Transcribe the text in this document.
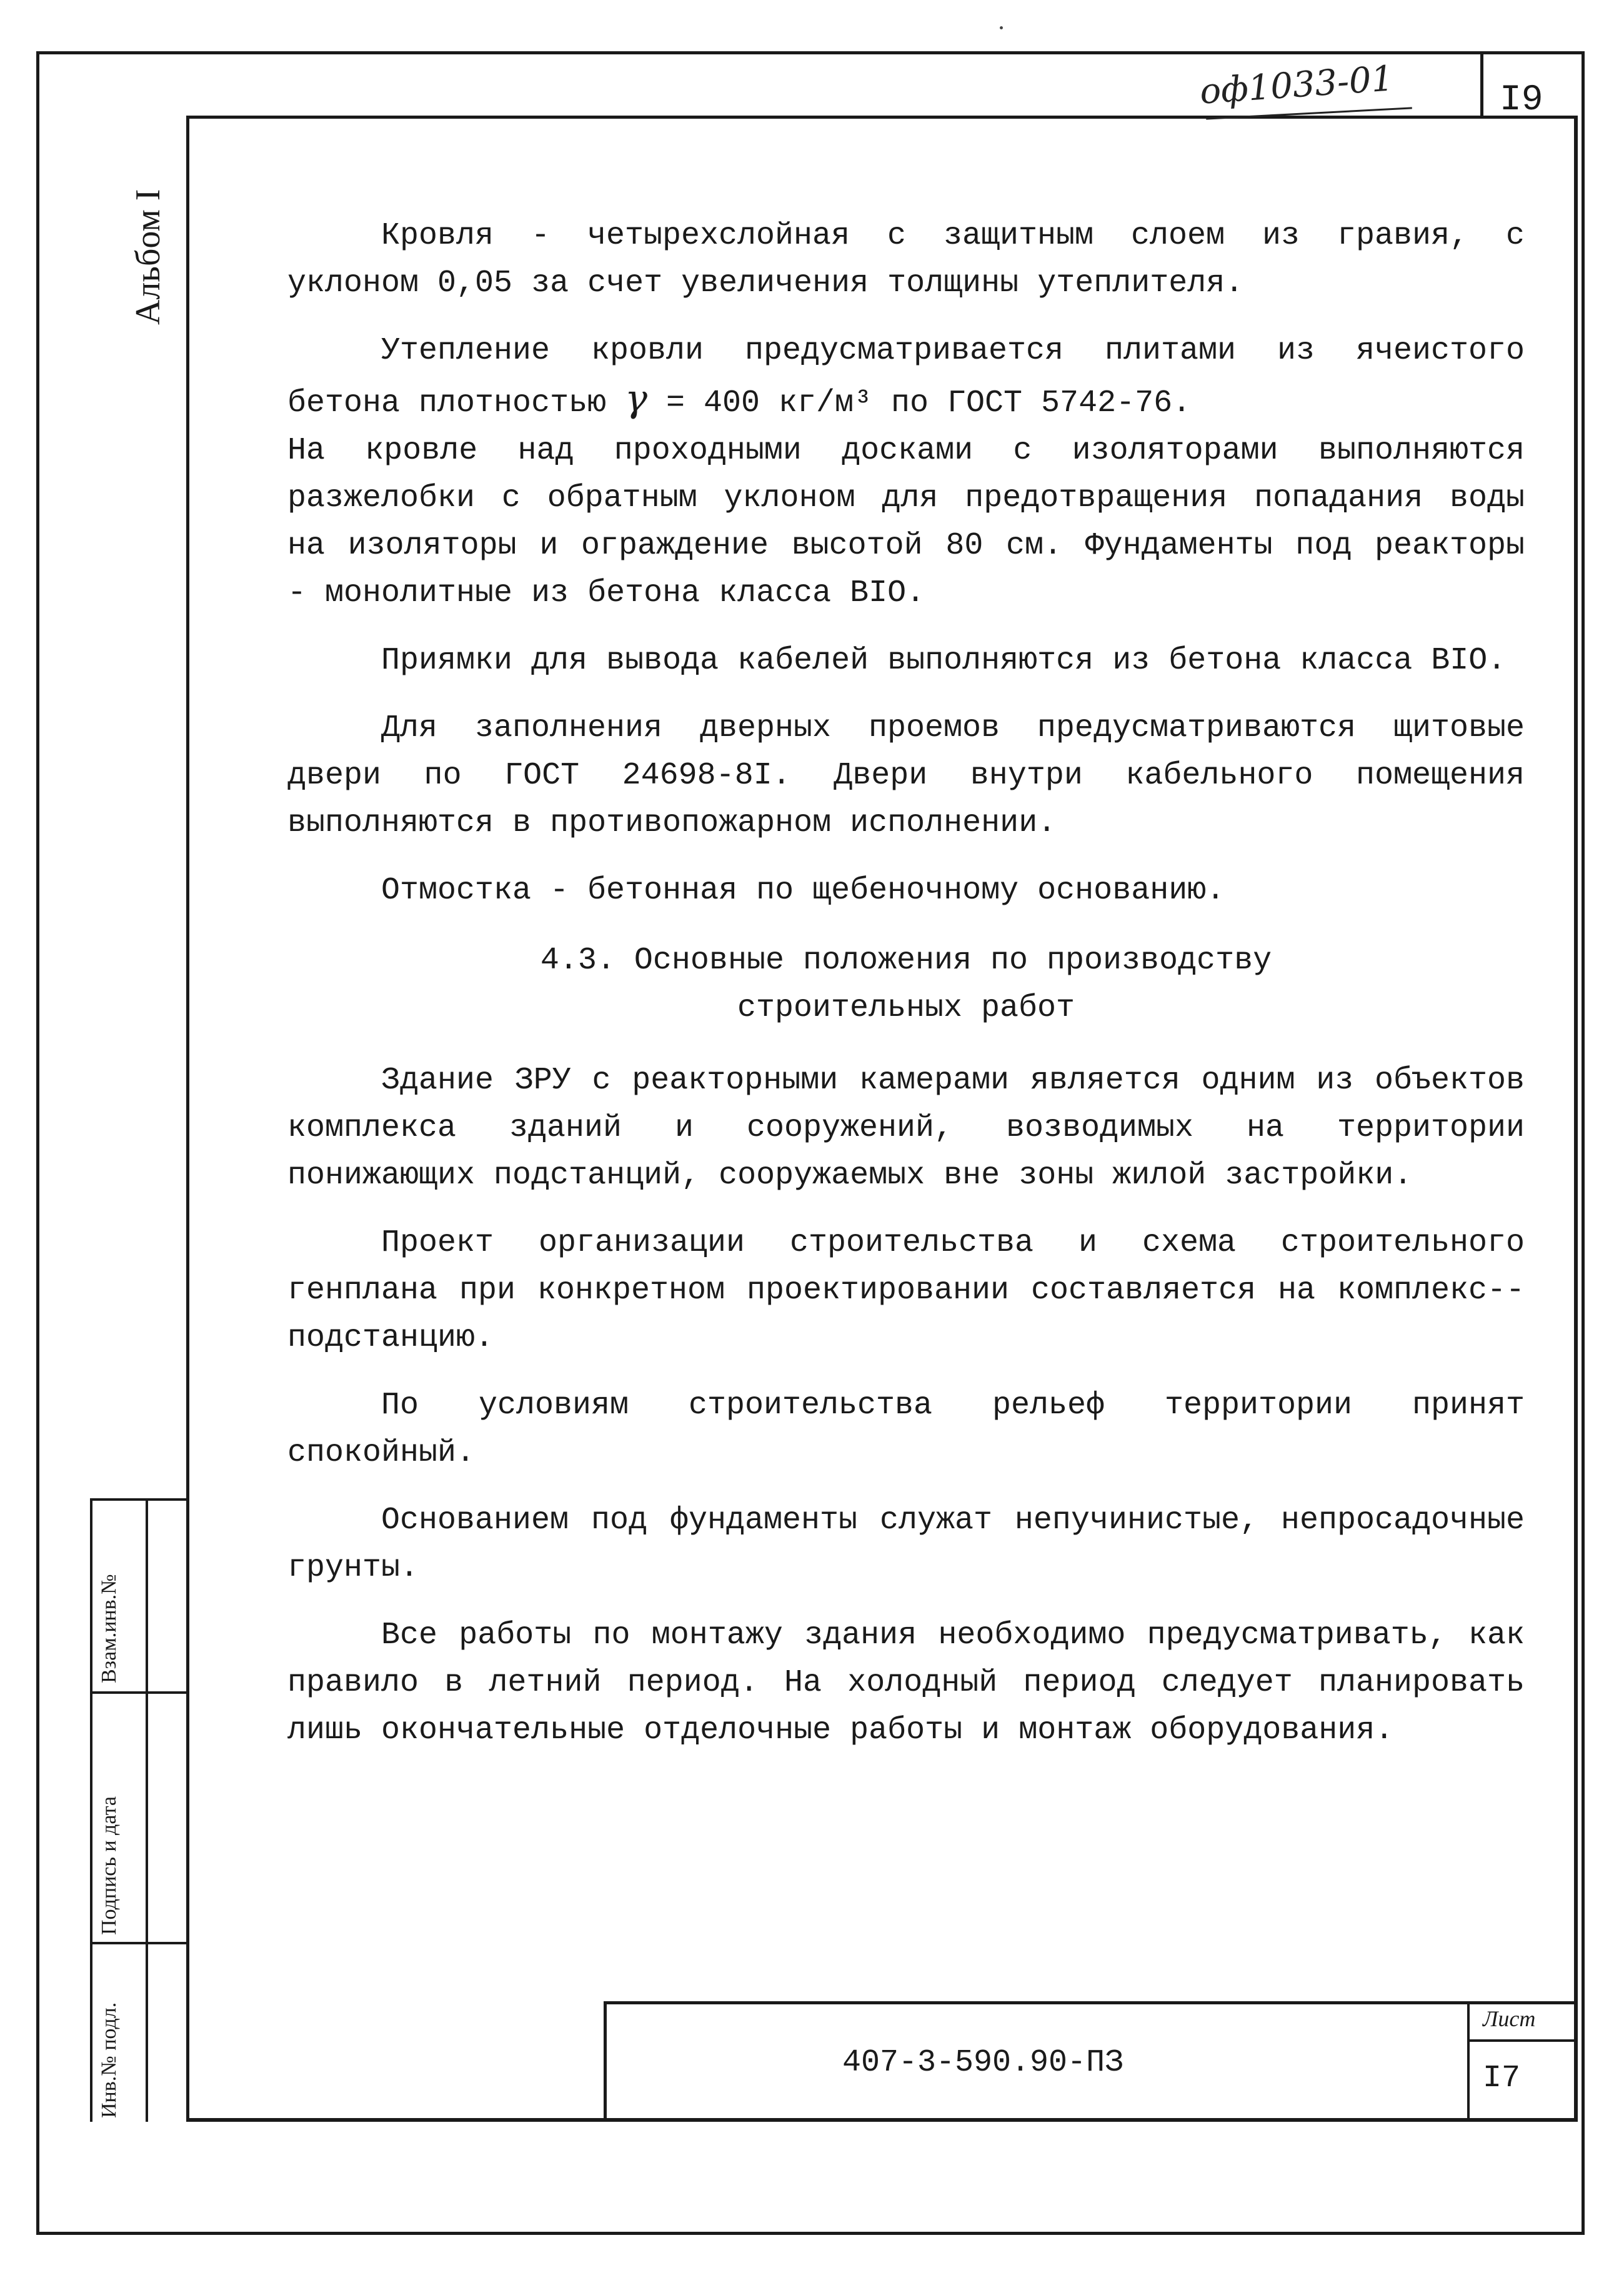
I9
оф1033-01
Альбом I
Инв.№ подл.
Подпись и дата
Взам.инв.№

Кровля - четырехслойная с защитным слоем из гравия, с уклоном 0,05 за счет увеличения толщины утеплителя.

Утепление кровли предусматривается плитами из ячеистого бетона плотностью γ = 400 кг/м³ по ГОСТ 5742-76.

На кровле над проходными досками с изоляторами выполняются разжелобки с обратным уклоном для предотвращения попадания воды на изоляторы и ограждение высотой 80 см. Фундаменты под реакторы - монолитные из бетона класса BIO.

Приямки для вывода кабелей выполняются из бетона класса BIO.

Для заполнения дверных проемов предусматриваются щитовые двери по ГОСТ 24698-8I. Двери внутри кабельного помещения выполняются в противопожарном исполнении.

Отмостка - бетонная по щебеночному основанию.

4.3. Основные положения по производству
строительных работ

Здание ЗРУ с реакторными камерами является одним из объектов комплекса зданий и сооружений, возводимых на территории понижающих подстанций, сооружаемых вне зоны жилой застройки.

Проект организации строительства и схема строительного генплана при конкретном проектировании составляется на комплекс--подстанцию.

По условиям строительства рельеф территории принят спокойный.

Основанием под фундаменты служат непучинистые, непросадочные грунты.

Все работы по монтажу здания необходимо предусматривать, как правило в летний период. На холодный период следует планировать лишь окончательные отделочные работы и монтаж оборудования.

407-3-590.90-ПЗ
Лист
I7
